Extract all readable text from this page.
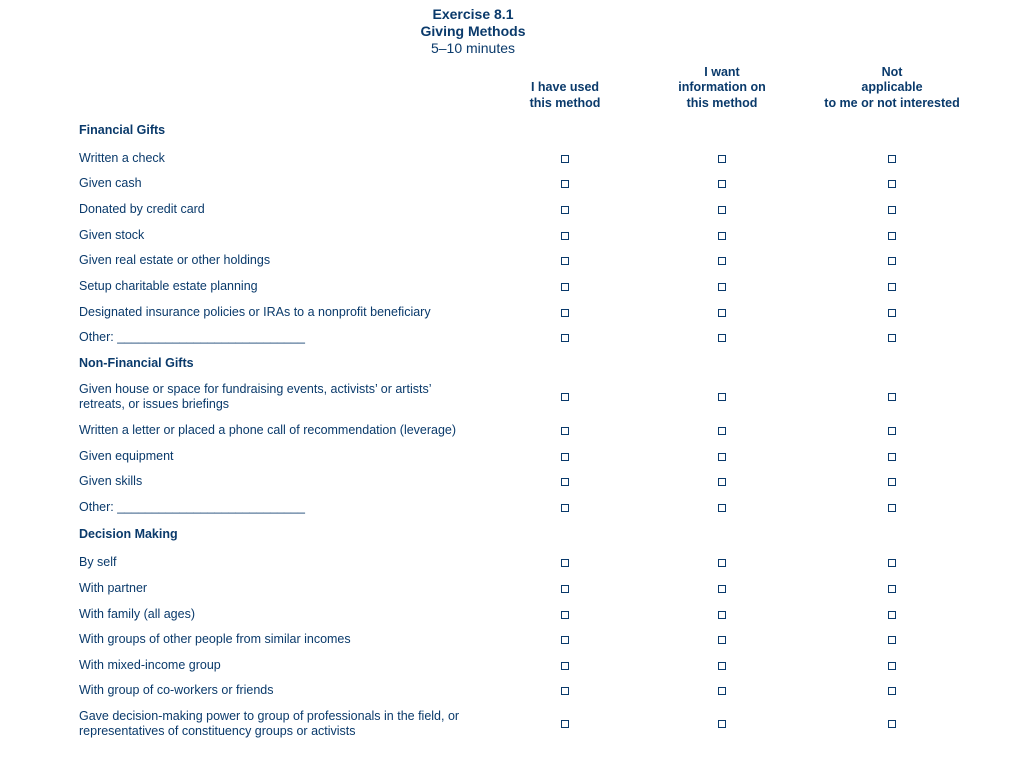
Exercise 8.1
Giving Methods
5–10 minutes
I have used
this method
I want
information on
this method
Not
applicable
to me or not interested
Financial Gifts
Written a check
Given cash
Donated by credit card
Given stock
Given real estate or other holdings
Setup charitable estate planning
Designated insurance policies or IRAs to a nonprofit beneficiary
Other: ___________________________
Non-Financial Gifts
Given house or space for fundraising events, activists’ or artists’
retreats, or issues briefings
Written a letter or placed a phone call of recommendation (leverage)
Given equipment
Given skills
Other: ___________________________
Decision Making
By self
With partner
With family (all ages)
With groups of other people from similar incomes
With mixed-income group
With group of co-workers or friends
Gave decision-making power to group of professionals in the field, or
representatives of constituency groups or activists
